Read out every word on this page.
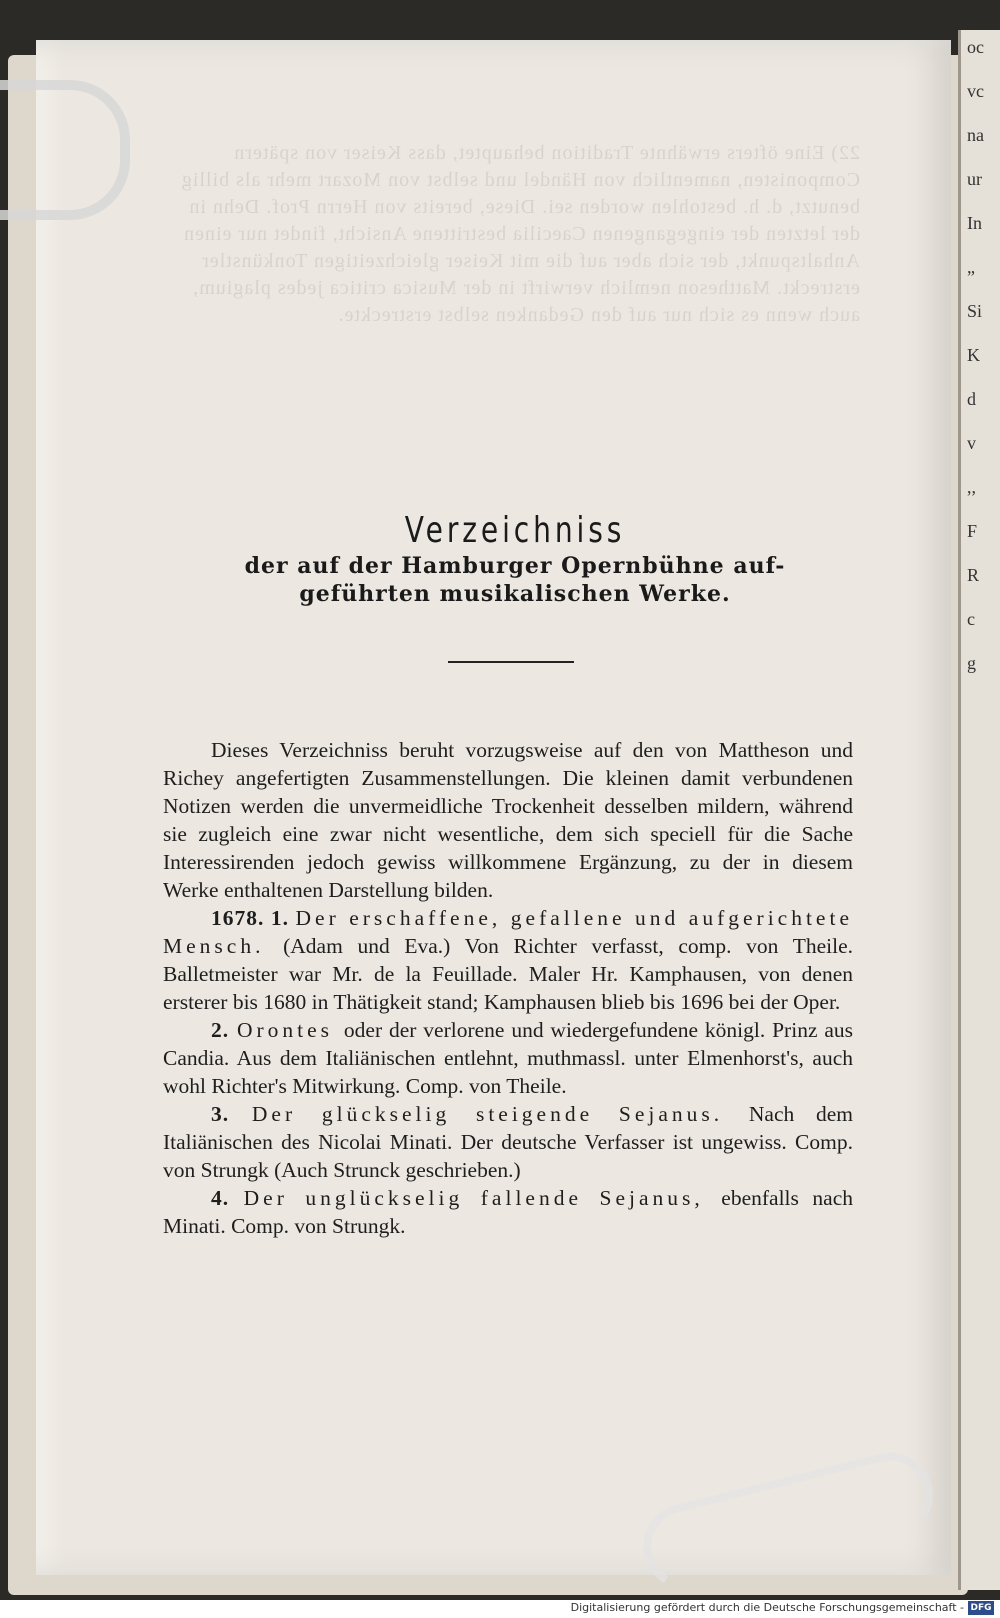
oc
vc
na
ur
In
„
Si
K
d
v
,,
F
R
c
g
22) Eine öfters erwähnte Tradition behauptet, dass Keiser von spätern Componisten, namentlich von Händel und selbst von Mozart mehr als billig benutzt, d. h. bestohlen worden sei. Diese, bereits von Herrn Prof. Dehn in der letzten der eingegangenen Caecilia bestrittene Ansicht, findet nur einen Anhaltspunkt, der sich aber auf die mit Keiser gleichzeitigen Tonkünstler erstreckt. Mattheson nemlich verwirft in der Musica critica jedes plagium, auch wenn es sich nur auf den Gedanken selbst erstreckte.
Verzeichniss
der auf der Hamburger Opernbühne auf-
geführten musikalischen Werke.

Dieses Verzeichniss beruht vorzugsweise auf den von Mattheson und Richey angefertigten Zusammenstellungen. Die kleinen damit verbundenen Notizen werden die unvermeidliche Trockenheit desselben mildern, während sie zugleich eine zwar nicht wesentliche, dem sich speciell für die Sache Interessirenden jedoch gewiss willkommene Ergänzung, zu der in diesem Werke enthaltenen Darstellung bilden.

1678. 1. Der erschaffene, gefallene und aufgerichtete Mensch. (Adam und Eva.) Von Richter verfasst, comp. von Theile. Balletmeister war Mr. de la Feuillade. Maler Hr. Kamphausen, von denen ersterer bis 1680 in Thätigkeit stand; Kamphausen blieb bis 1696 bei der Oper.

2. Orontes oder der verlorene und wiedergefundene königl. Prinz aus Candia. Aus dem Italiänischen entlehnt, muthmassl. unter Elmenhorst's, auch wohl Richter's Mitwirkung. Comp. von Theile.

3. Der glückselig steigende Sejanus. Nach dem Italiänischen des Nicolai Minati. Der deutsche Verfasser ist ungewiss. Comp. von Strungk (Auch Strunck geschrieben.)

4. Der unglückselig fallende Sejanus, ebenfalls nach Minati. Comp. von Strungk.

Digitalisierung gefördert durch die Deutsche Forschungsgemeinschaft - DFG
